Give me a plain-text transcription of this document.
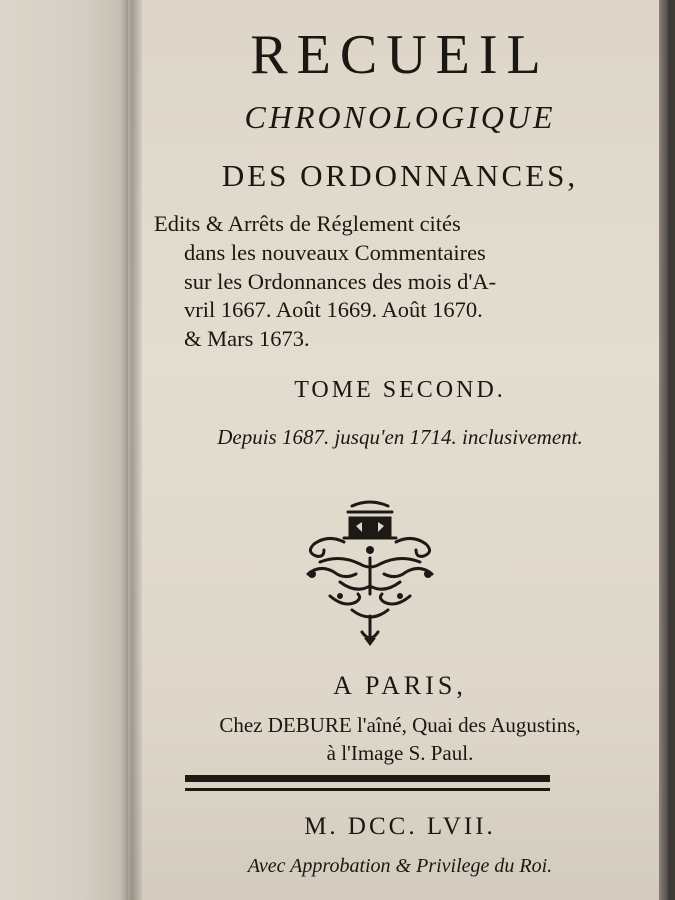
RECUEIL
CHRONOLOGIQUE
DES ORDONNANCES,
Edits & Arrêts de Réglement cités
dans les nouveaux Commentaires
sur les Ordonnances des mois d'A-
vril 1667. Août 1669. Août 1670.
& Mars 1673.
TOME SECOND.
Depuis 1687. jusqu'en 1714. inclusivement.
A PARIS,
Chez DEBURE l'aîné, Quai des Augustins,
à l'Image S. Paul.
M. DCC. LVII.
Avec Approbation & Privilege du Roi.
